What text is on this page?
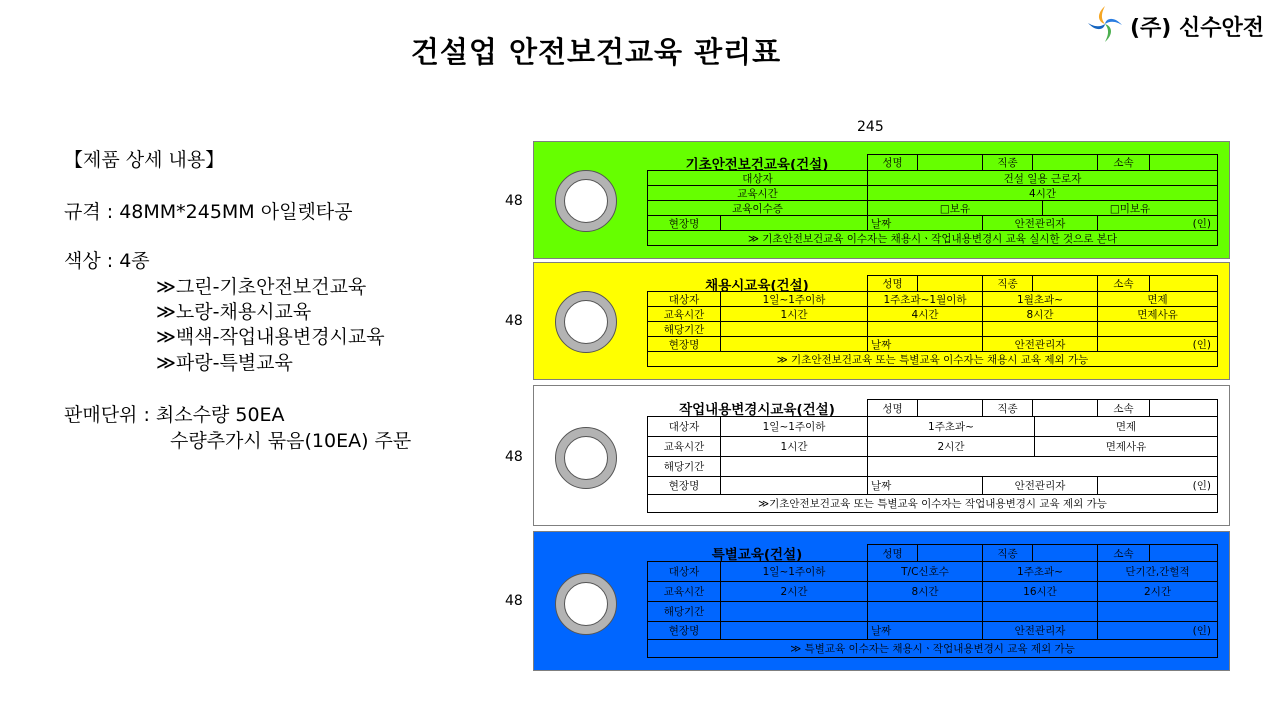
건설업 안전보건교육 관리표
(주) 신수안전
【제품 상세 내용】
규격 : 48MM*245MM 아일렛타공
색상 : 4종
≫그린-기초안전보건교육
≫노랑-채용시교육
≫백색-작업내용변경시교육
≫파랑-특별교육
판매단위 : 최소수량 50EA
수량추가시 묶음(10EA) 주문
245
48
48
48
48
기초안전보건교육(건설)	성명	직종	소속
대상자	건설 일용 근로자
교육시간	4시간
교육이수증	□보유	□미보유
현장명	날짜	안전관리자	(인)
≫ 기초안전보건교육 이수자는 채용시ㆍ작업내용변경시 교육 실시한 것으로 본다
채용시교육(건설)	성명	직종	소속
대상자	1일~1주이하	1주초과~1월이하	1월초과~	면제
교육시간	1시간	4시간	8시간	면제사유
해당기간
현장명	날짜	안전관리자	(인)
≫ 기초안전보건교육 또는 특별교육 이수자는 채용시 교육 제외 가능
작업내용변경시교육(건설)	성명	직종	소속
대상자	1일~1주이하	1주초과~	면제
교육시간	1시간	2시간	면제사유
해당기간
현장명	날짜	안전관리자	(인)
≫기초안전보건교육 또는 특별교육 이수자는 작업내용변경시 교육 제외 가능
특별교육(건설)	성명	직종	소속
대상자	1일~1주이하	T/C신호수	1주초과~	단기간,간헐적
교육시간	2시간	8시간	16시간	2시간
해당기간
현장명	날짜	안전관리자	(인)
≫ 특별교육 이수자는 채용시ㆍ작업내용변경시 교육 제외 가능
